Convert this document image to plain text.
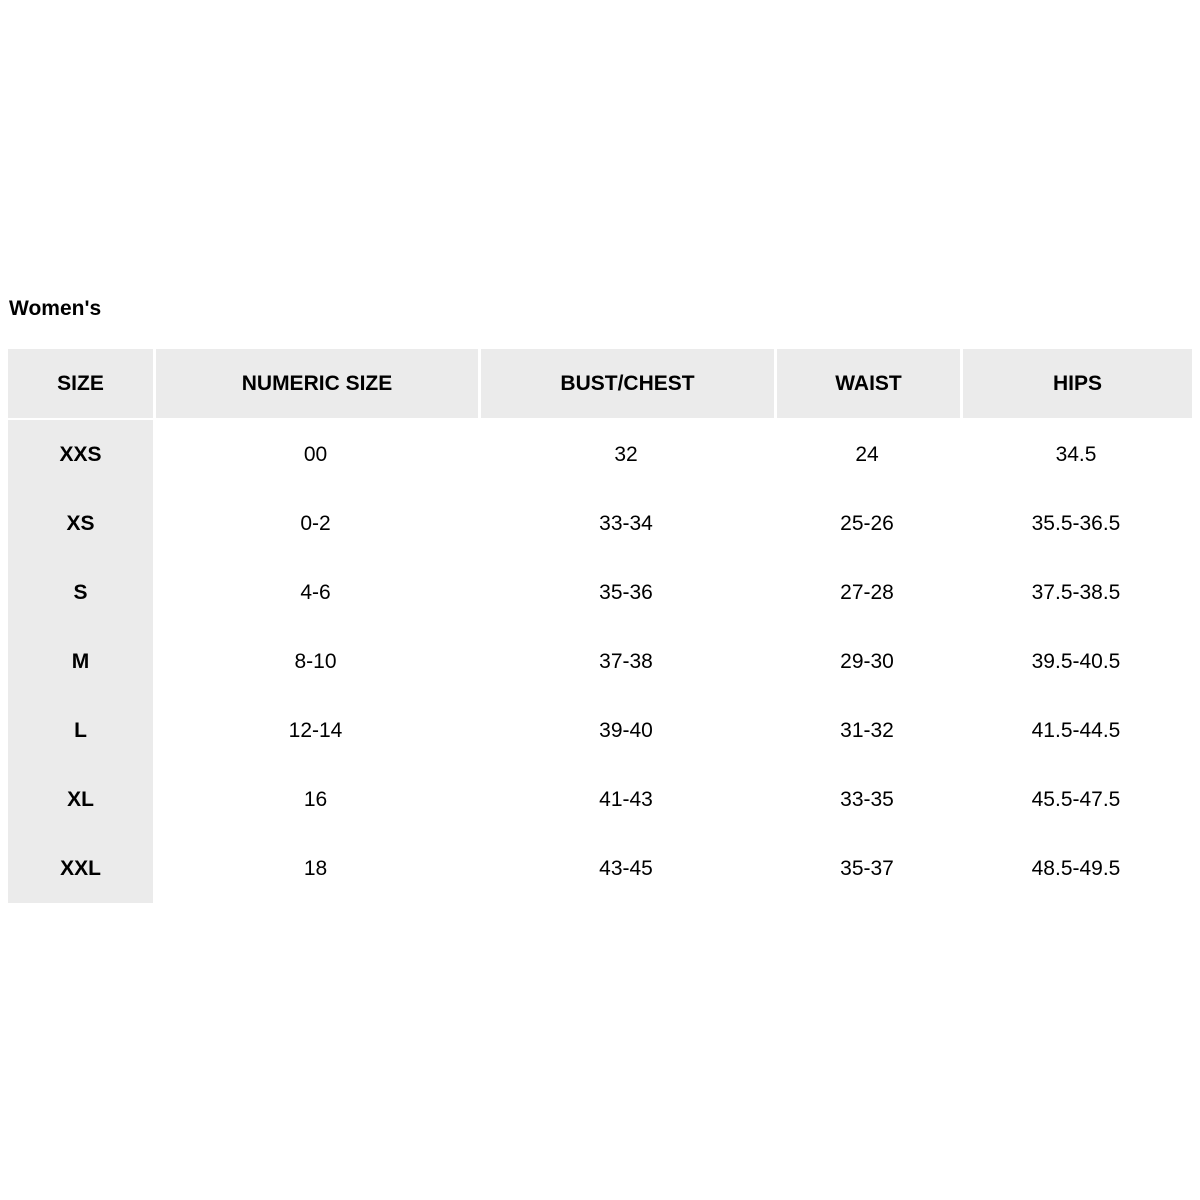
Women's
SIZE	NUMERIC SIZE	BUST/CHEST	WAIST	HIPS
XXS	00	32	24	34.5
XS	0-2	33-34	25-26	35.5-36.5
S	4-6	35-36	27-28	37.5-38.5
M	8-10	37-38	29-30	39.5-40.5
L	12-14	39-40	31-32	41.5-44.5
XL	16	41-43	33-35	45.5-47.5
XXL	18	43-45	35-37	48.5-49.5
